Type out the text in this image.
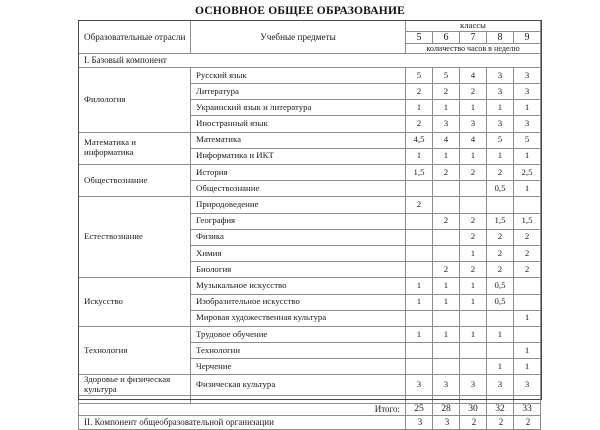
ОСНОВНОЕ ОБЩЕЕ ОБРАЗОВАНИЕ
Образовательные отрасли	Учебные предметы	классы				
		5	6	7	8	9
		количество часов в неделю				
I. Базовый компонент						
Филология	Русский язык	5	5	4	3	3
	Литература	2	2	2	3	3
	Украинский язык и литература	1	1	1	1	1
	Иностранный язык	2	3	3	3	3
Математика и информатика	Математика	4,5	4	4	5	5
	Информатика и ИКТ	1	1	1	1	1
Обществознание	История	1,5	2	2	2	2,5
	Обществознание				0,5	1
Естествознание	Природоведение	2				
	География		2	2	1,5	1,5
	Физика			2	2	2
	Химия			1	2	2
	Биология		2	2	2	2
Искусство	Музыкальное искусство	1	1	1	0,5	
	Изобразительное искусство	1	1	1	0,5	
	Мировая художественная культура					1
Технология	Трудовое обучение	1	1	1	1	
	Технологии					1
	Черчение				1	1
Здоровье и физическая культура	Физическая культура	3	3	3	3	3

Итого:		25	28	30	32	33
II. Компонент общеобразовательной организации		3	3	2	2	2
